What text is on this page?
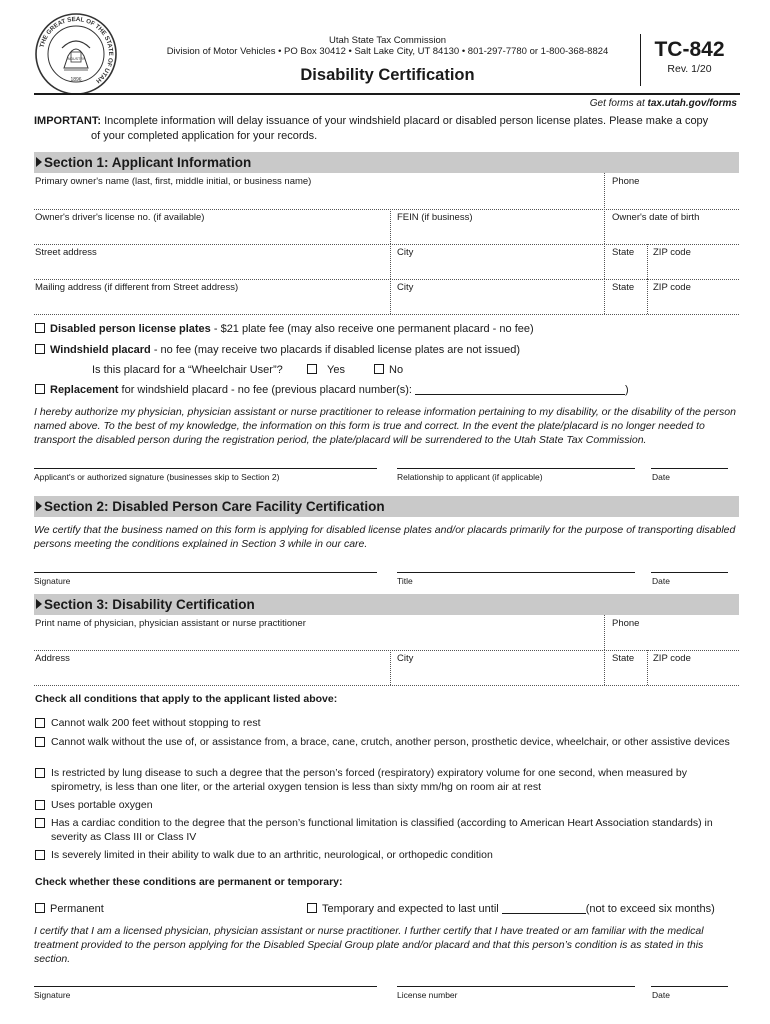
THE GREAT SEAL OF THE STATE OF UTAH
INDUSTRY
1896
Utah State Tax Commission
Division of Motor Vehicles • PO Box 30412 • Salt Lake City, UT 84130 • 801-297-7780 or 1-800-368-8824
Disability Certification
TC-842
Rev. 1/20
Get forms at tax.utah.gov/forms
IMPORTANT: Incomplete information will delay issuance of your windshield placard or disabled person license plates. Please make a copy
of your completed application for your records.
Section 1: Applicant Information
Primary owner's name (last, first, middle initial, or business name)	Phone
Owner's driver's license no. (if available)	FEIN (if business)	Owner's date of birth
Street address	City	State ZIP code
Mailing address (if different from Street address)	City	State ZIP code
Disabled person license plates - $21 plate fee (may also receive one permanent placard - no fee)
Windshield placard - no fee (may receive two placards if disabled license plates are not issued)
Is this placard for a “Wheelchair User”?	Yes	No
Replacement for windshield placard - no fee (previous placard number(s):	)
I hereby authorize my physician, physician assistant or nurse practitioner to release information pertaining to my disability, or the disability of the person named above. To the best of my knowledge, the information on this form is true and correct. In the event the plate/placard is no longer needed to transport the disabled person during the registration period, the plate/placard will be surrendered to the Utah State Tax Commission.
Applicant's or authorized signature (businesses skip to Section 2)	Relationship to applicant (if applicable)	Date
Section 2: Disabled Person Care Facility Certification
We certify that the business named on this form is applying for disabled license plates and/or placards primarily for the purpose of transporting disabled persons meeting the conditions explained in Section 3 while in our care.
Signature	Title	Date
Section 3: Disability Certification
Print name of physician, physician assistant or nurse practitioner	Phone
Address	City	State ZIP code
Check all conditions that apply to the applicant listed above:
Cannot walk 200 feet without stopping to rest
Cannot walk without the use of, or assistance from, a brace, cane, crutch, another person, prosthetic device, wheelchair, or other assistive devices
Is restricted by lung disease to such a degree that the person’s forced (respiratory) expiratory volume for one second, when measured by spirometry, is less than one liter, or the arterial oxygen tension is less than sixty mm/hg on room air at rest
Uses portable oxygen
Has a cardiac condition to the degree that the person’s functional limitation is classified (according to American Heart Association standards) in severity as Class III or Class IV
Is severely limited in their ability to walk due to an arthritic, neurological, or orthopedic condition
Check whether these conditions are permanent or temporary:
Permanent	Temporary and expected to last until	(not to exceed six months)
I certify that I am a licensed physician, physician assistant or nurse practitioner. I further certify that I have treated or am familiar with the medical treatment provided to the person applying for the Disabled Special Group plate and/or placard and that this person’s condition is as stated in this section.
Signature	License number	Date
